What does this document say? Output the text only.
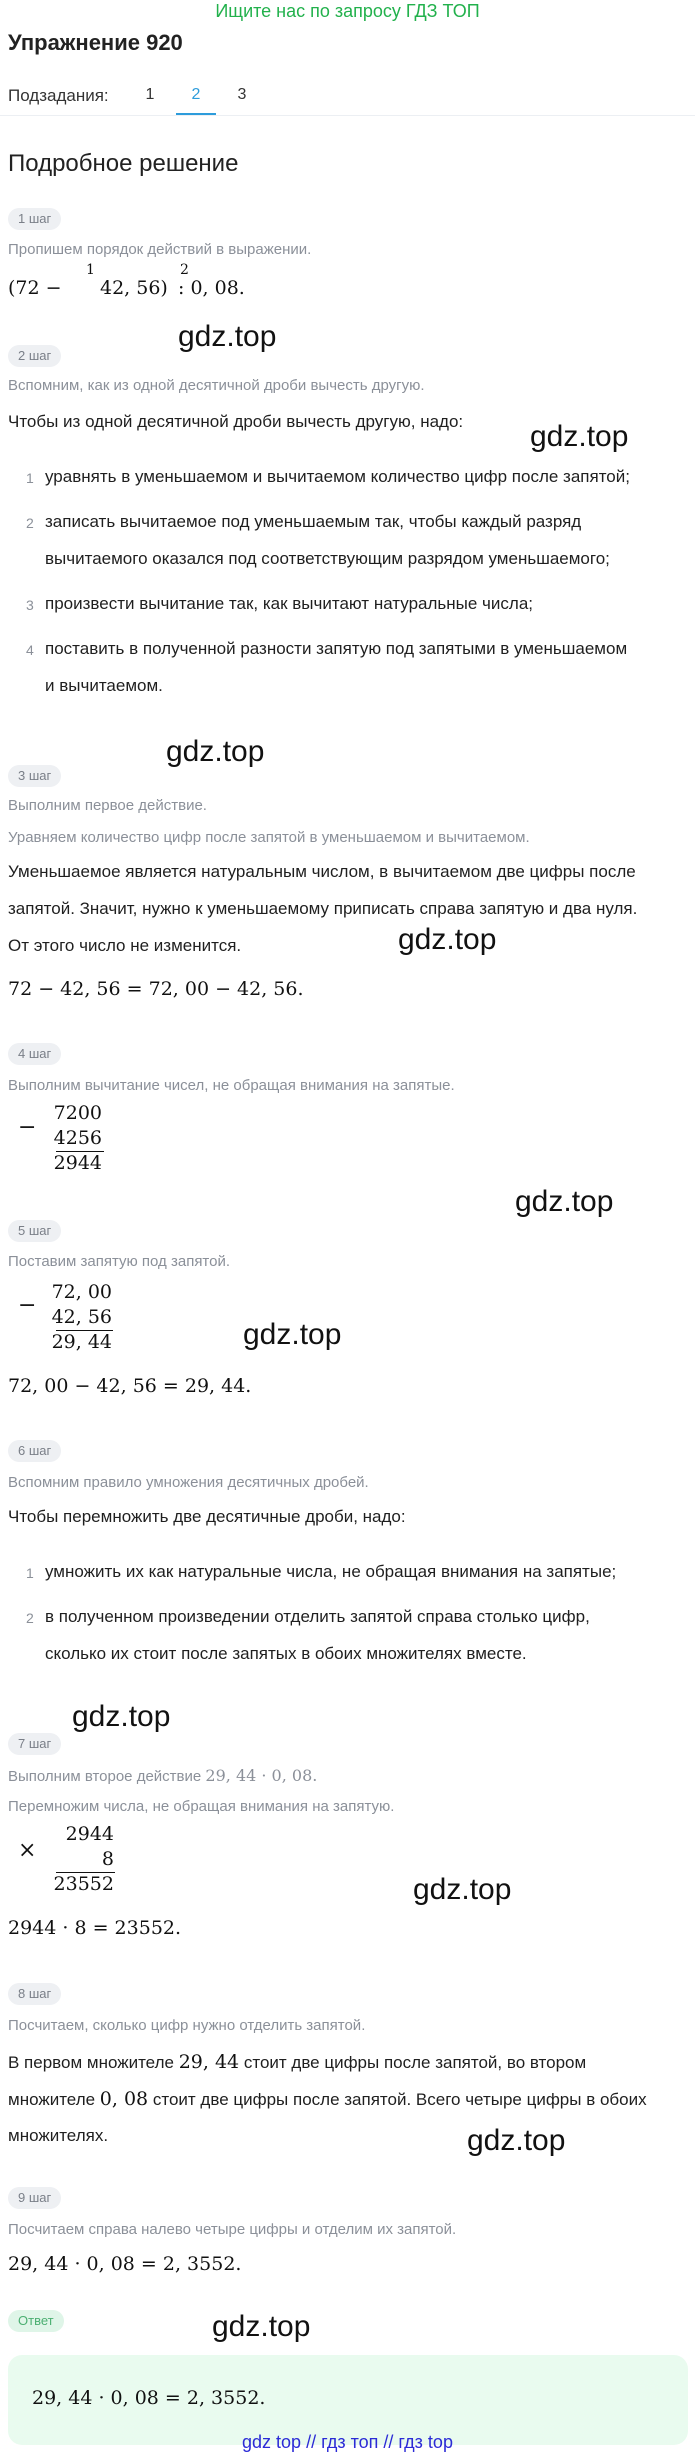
Ищите нас по запросу ГДЗ ТОП
Упражнение 920
Подзадания:	1	2	3
Подробное решение
1 шаг
Пропишем порядок действий в выражении.
(72 −
1
42, 56)
2
: 0, 08.
gdz.top
2 шаг
Вспомним, как из одной десятичной дроби вычесть другую.
gdz.top
Чтобы из одной десятичной дроби вычесть другую, надо:
1 уравнять в уменьшаемом и вычитаемом количество цифр после запятой;
2 записать вычитаемое под уменьшаемым так, чтобы каждый разряд
вычитаемого оказался под соответствующим разрядом уменьшаемого;
3 произвести вычитание так, как вычитают натуральные числа;
4 поставить в полученной разности запятую под запятыми в уменьшаемом
и вычитаемом.
gdz.top
3 шаг
Выполним первое действие.
Уравняем количество цифр после запятой в уменьшаемом и вычитаемом.
Уменьшаемое является натуральным числом, в вычитаемом две цифры после
запятой. Значит, нужно к уменьшаемому приписать справа запятую и два нуля.
gdz.top
От этого число не изменится.
72 − 42, 56 = 72, 00 − 42, 56.
4 шаг
Выполним вычитание чисел, не обращая внимания на запятые.
−
7200
4256
2944
gdz.top
5 шаг
Поставим запятую под запятой.
−
72, 00
42, 56
29, 44	gdz.top
72, 00 − 42, 56 = 29, 44.
6 шаг
Вспомним правило умножения десятичных дробей.
Чтобы перемножить две десятичные дроби, надо:
1 умножить их как натуральные числа, не обращая внимания на запятые;
2 в полученном произведении отделить запятой справа столько цифр,
сколько их стоит после запятых в обоих множителях вместе.
gdz.top
7 шаг
Выполним второе действие 29, 44 · 0, 08.
Перемножим числа, не обращая внимания на запятую.
×
2944
8
23552	gdz.top
2944 · 8 = 23552.
8 шаг
Посчитаем, сколько цифр нужно отделить запятой.
В первом множителе 29, 44 стоит две цифры после запятой, во втором
множителе 0, 08 стоит две цифры после запятой. Всего четыре цифры в обоих
множителях.	gdz.top
9 шаг
Посчитаем справа налево четыре цифры и отделим их запятой.
29, 44 · 0, 08 = 2, 3552.
Ответ	gdz.top
29, 44 · 0, 08 = 2, 3552.
gdz top // гдз топ // гдз top
